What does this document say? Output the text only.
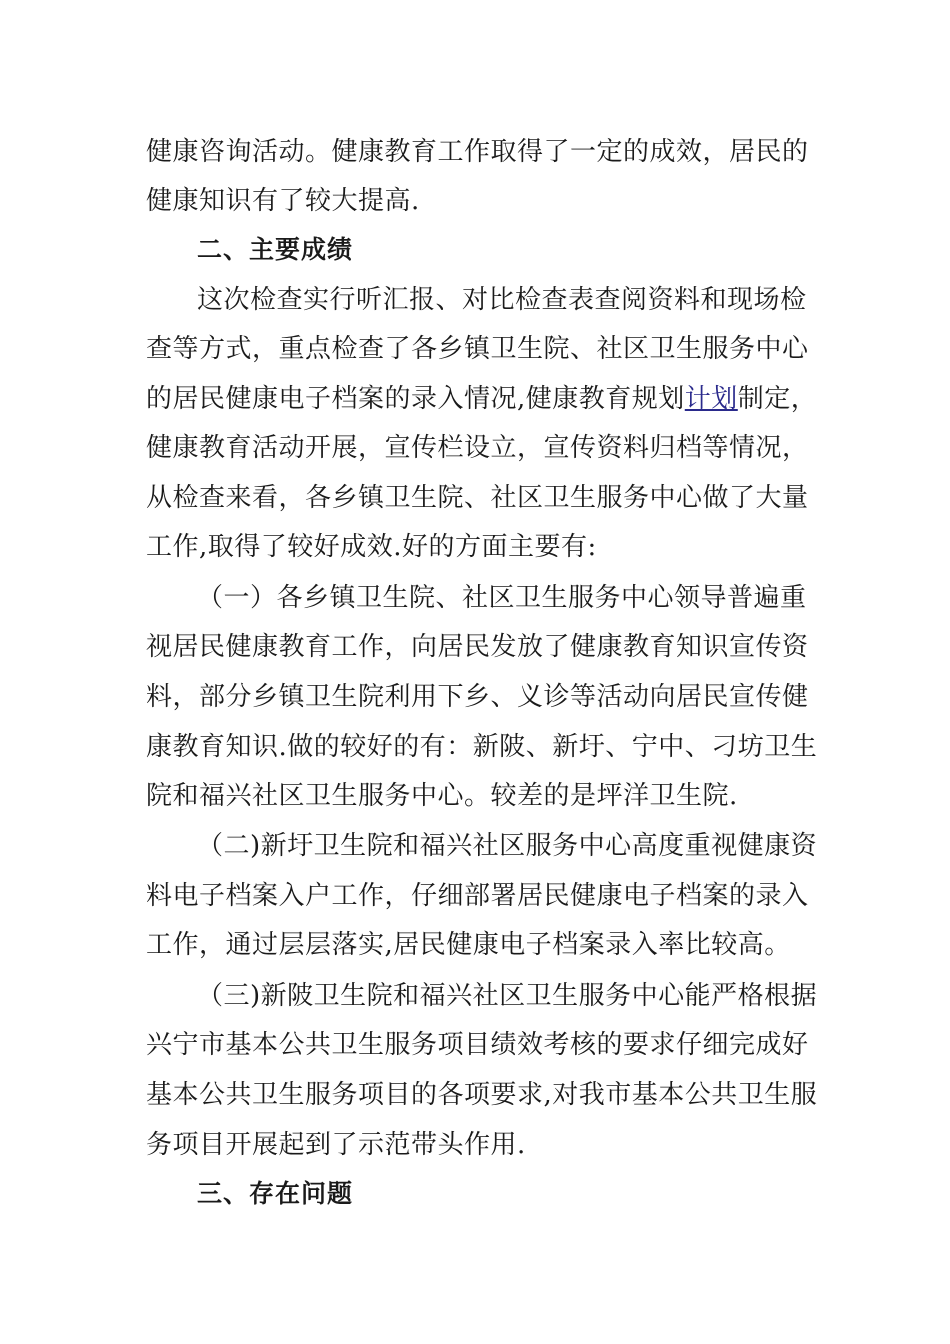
健康咨询活动。健康教育工作取得了一定的成效，居民的
健康知识有了较大提高.
二、主要成绩
这次检查实行听汇报、对比检查表查阅资料和现场检
查等方式，重点检查了各乡镇卫生院、社区卫生服务中心
的居民健康电子档案的录入情况,健康教育规划计划制定，
健康教育活动开展，宣传栏设立，宣传资料归档等情况，
从检查来看，各乡镇卫生院、社区卫生服务中心做了大量
工作,取得了较好成效.好的方面主要有:
（一）各乡镇卫生院、社区卫生服务中心领导普遍重
视居民健康教育工作，向居民发放了健康教育知识宣传资
料，部分乡镇卫生院利用下乡、义诊等活动向居民宣传健
康教育知识.做的较好的有：新陂、新圩、宁中、刁坊卫生
院和福兴社区卫生服务中心。较差的是坪洋卫生院.
（二)新圩卫生院和福兴社区服务中心高度重视健康资
料电子档案入户工作，仔细部署居民健康电子档案的录入
工作，通过层层落实,居民健康电子档案录入率比较高。
（三)新陂卫生院和福兴社区卫生服务中心能严格根据
兴宁市基本公共卫生服务项目绩效考核的要求仔细完成好
基本公共卫生服务项目的各项要求,对我市基本公共卫生服
务项目开展起到了示范带头作用.
三、存在问题
